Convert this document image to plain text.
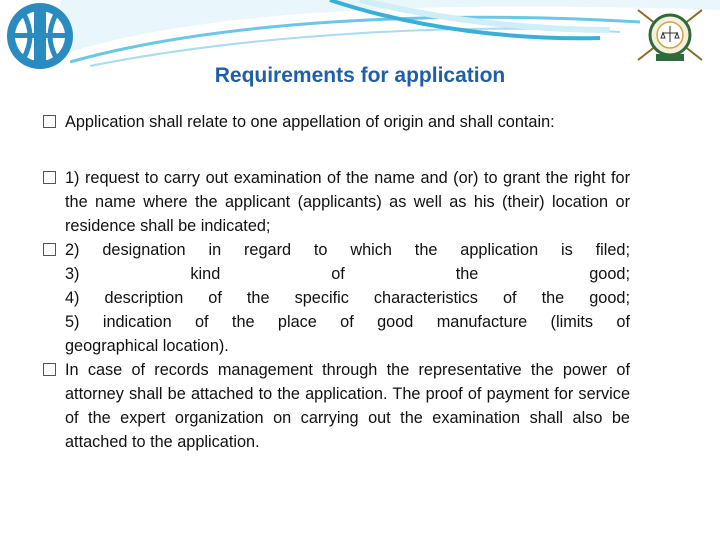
Requirements for application
Application shall relate to one appellation of origin and shall contain:
1) request to carry out examination of the name and (or) to grant the right for the name where the applicant (applicants) as well as his (their) location or residence shall be indicated;
2) designation in regard to which the application is filed;
3) kind of the good;
4) description of the specific characteristics of the good;
5) indication of the place of good manufacture (limits of
geographical location).
In case of records management through the representative the power of attorney shall be attached to the application. The proof of payment for service of the expert organization on carrying out the examination shall also be attached to the application.
